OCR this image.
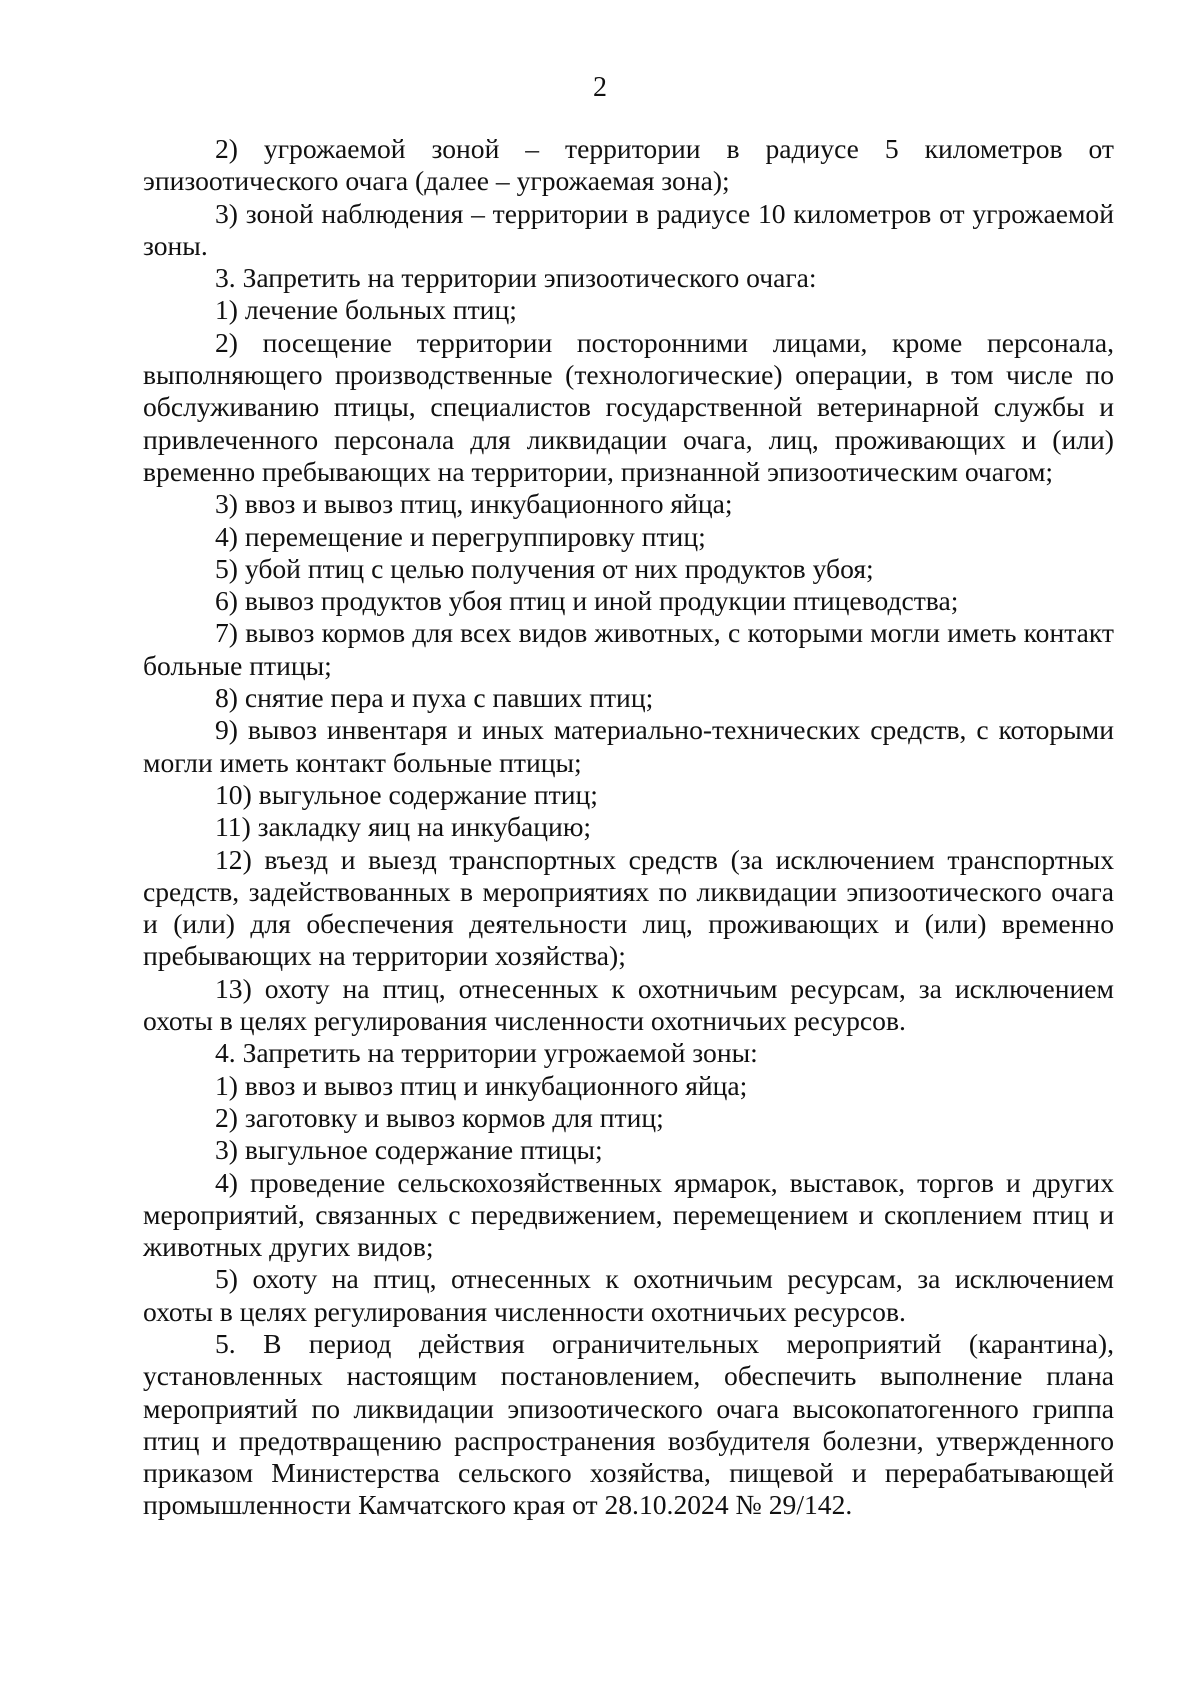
2

2) угрожаемой зоной – территории в радиусе 5 километров от эпизоотического очага (далее – угрожаемая зона);

3) зоной наблюдения – территории в радиусе 10 километров от угрожаемой зоны.

3. Запретить на территории эпизоотического очага:

1) лечение больных птиц;

2) посещение территории посторонними лицами, кроме персонала, выполняющего производственные (технологические) операции, в том числе по обслуживанию птицы, специалистов государственной ветеринарной службы и привлеченного персонала для ликвидации очага, лиц, проживающих и (или) временно пребывающих на территории, признанной эпизоотическим очагом;

3) ввоз и вывоз птиц, инкубационного яйца;

4) перемещение и перегруппировку птиц;

5) убой птиц с целью получения от них продуктов убоя;

6) вывоз продуктов убоя птиц и иной продукции птицеводства;

7) вывоз кормов для всех видов животных, с которыми могли иметь контакт больные птицы;

8) снятие пера и пуха с павших птиц;

9) вывоз инвентаря и иных материально-технических средств, с которыми могли иметь контакт больные птицы;

10) выгульное содержание птиц;

11) закладку яиц на инкубацию;

12) въезд и выезд транспортных средств (за исключением транспортных средств, задействованных в мероприятиях по ликвидации эпизоотического очага и (или) для обеспечения деятельности лиц, проживающих и (или) временно пребывающих на территории хозяйства);

13) охоту на птиц, отнесенных к охотничьим ресурсам, за исключением охоты в целях регулирования численности охотничьих ресурсов.

4. Запретить на территории угрожаемой зоны:

1) ввоз и вывоз птиц и инкубационного яйца;

2) заготовку и вывоз кормов для птиц;

3) выгульное содержание птицы;

4) проведение сельскохозяйственных ярмарок, выставок, торгов и других мероприятий, связанных с передвижением, перемещением и скоплением птиц и животных других видов;

5) охоту на птиц, отнесенных к охотничьим ресурсам, за исключением охоты в целях регулирования численности охотничьих ресурсов.

5. В период действия ограничительных мероприятий (карантина), установленных настоящим постановлением, обеспечить выполнение плана мероприятий по ликвидации эпизоотического очага высокопатогенного гриппа птиц и предотвращению распространения возбудителя болезни, утвержденного приказом Министерства сельского хозяйства, пищевой и перерабатывающей промышленности Камчатского края от 28.10.2024 № 29/142.
